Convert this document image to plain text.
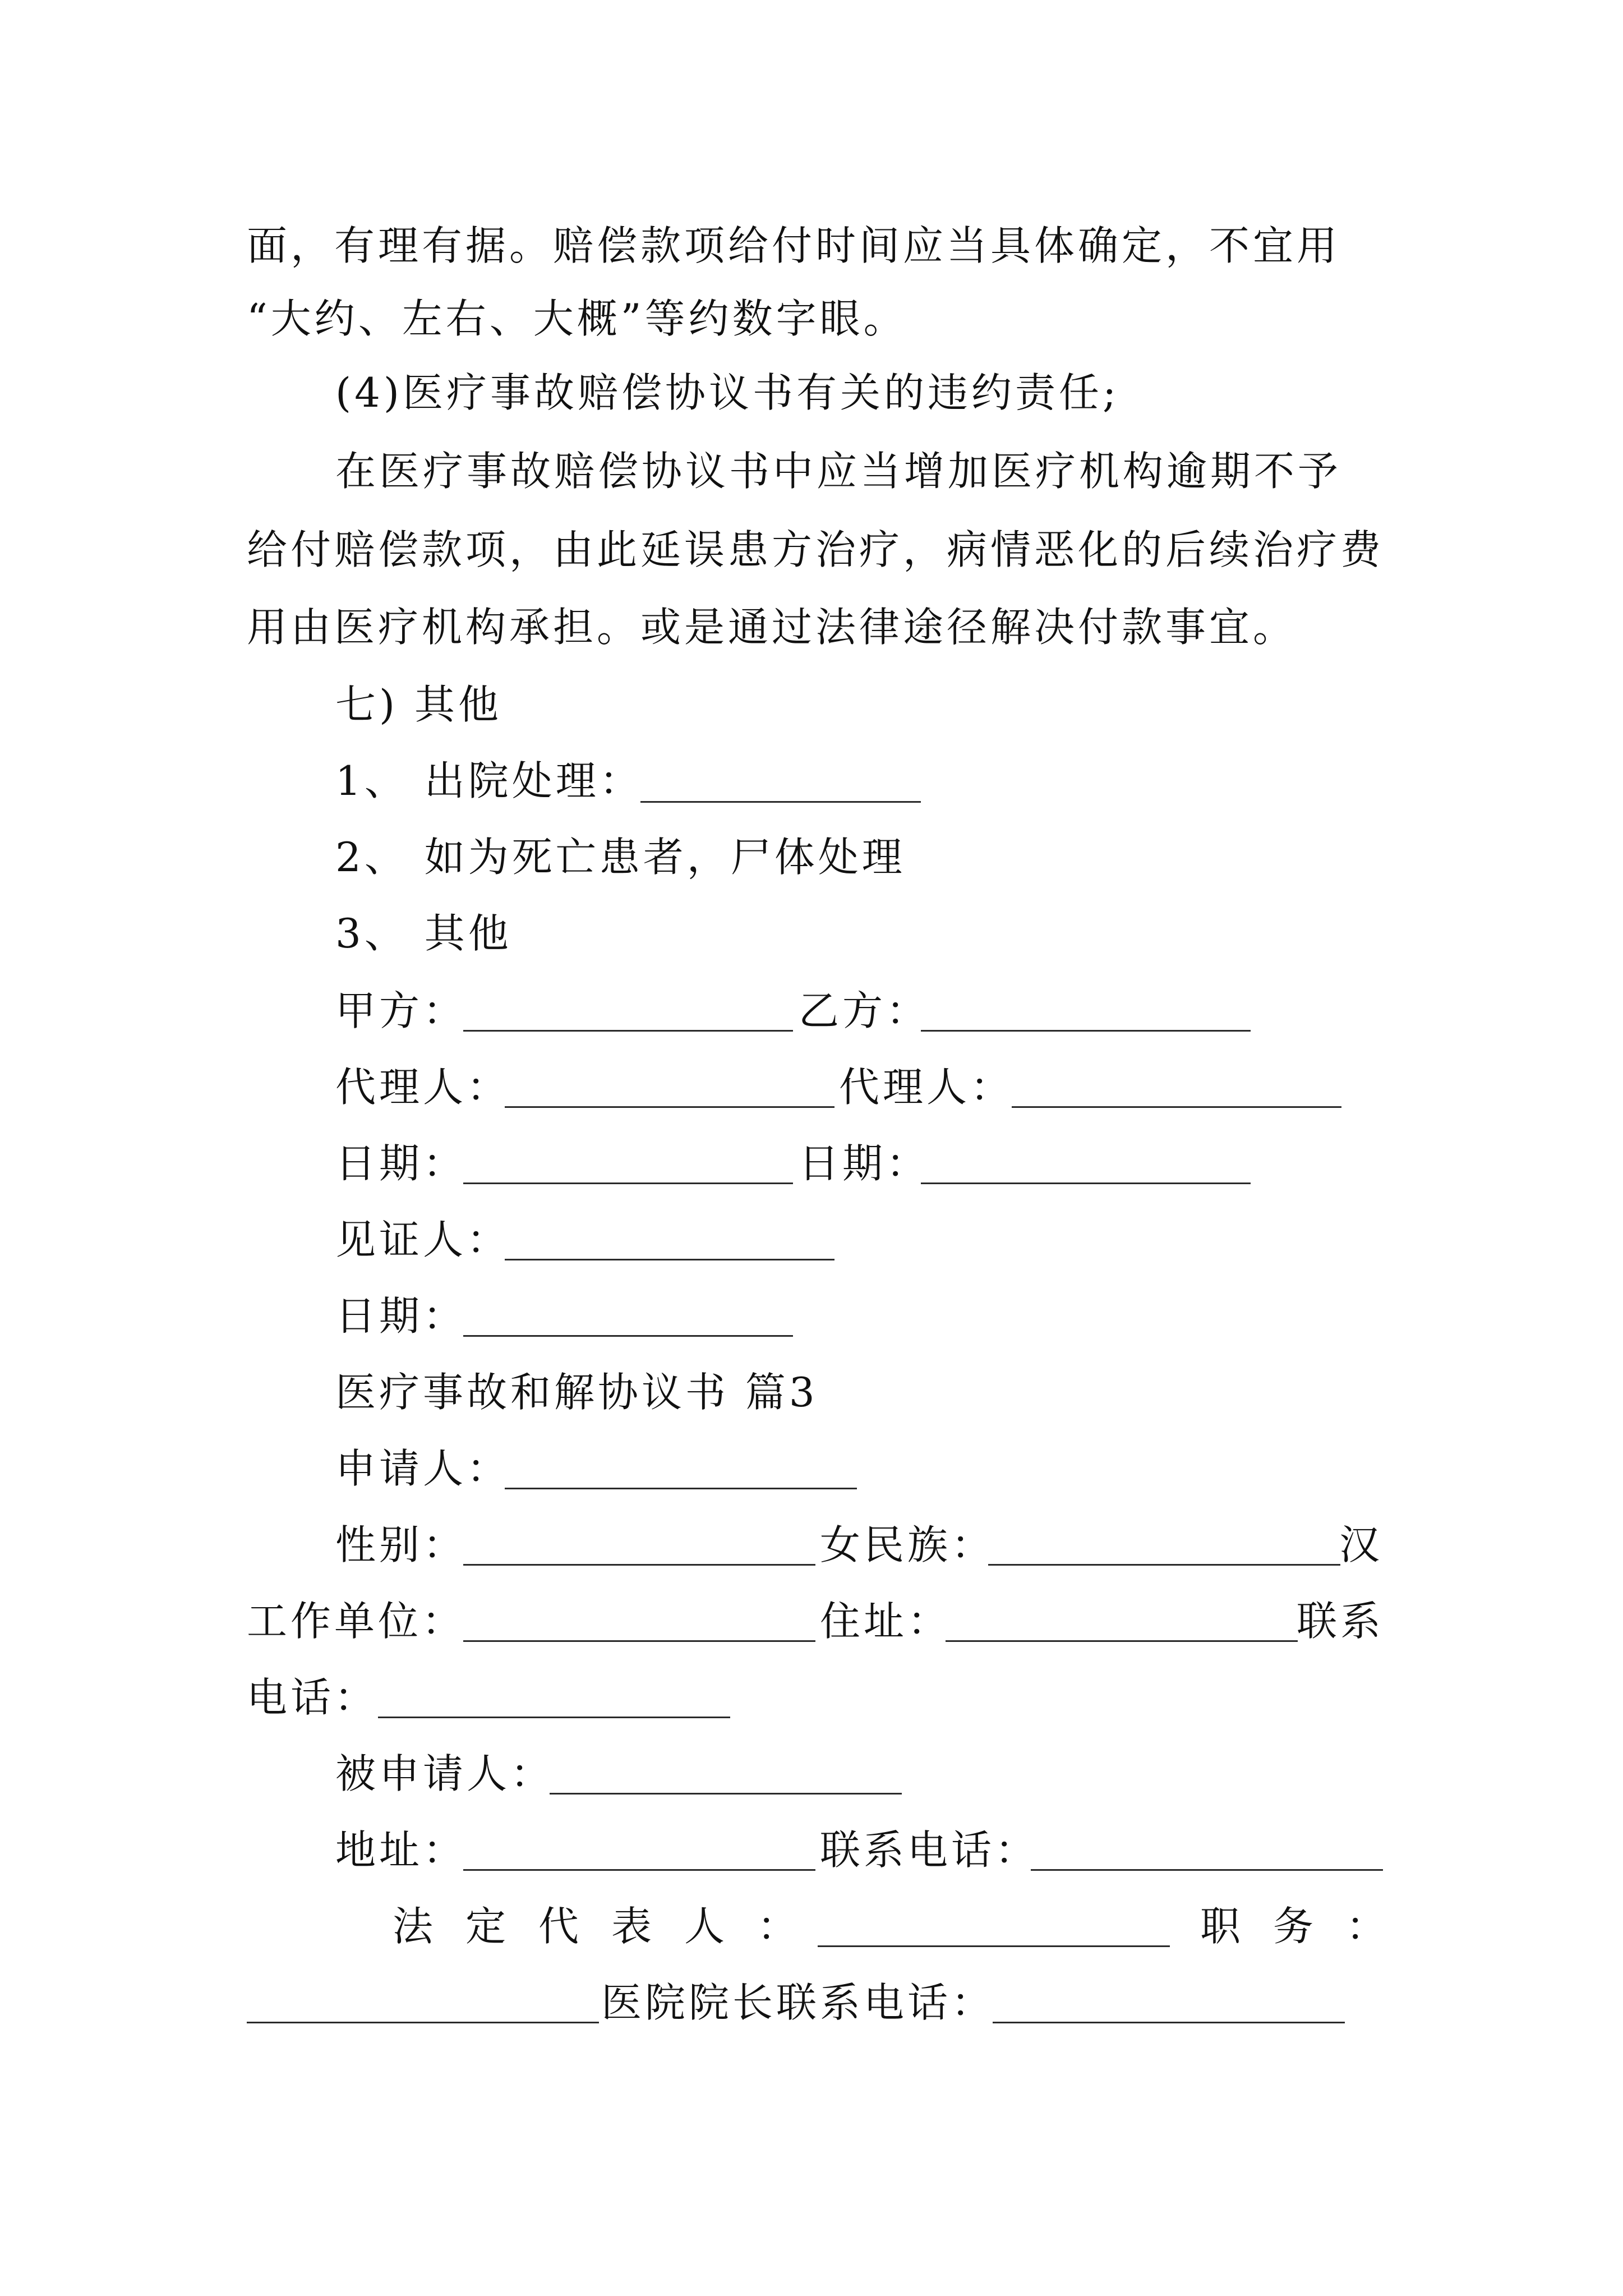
面，有理有据。赔偿款项给付时间应当具体确定，不宜用
“大约、左右、大概”等约数字眼。
(4)医疗事故赔偿协议书有关的违约责任;
在医疗事故赔偿协议书中应当增加医疗机构逾期不予
给付赔偿款项，由此延误患方治疗，病情恶化的后续治疗费
用由医疗机构承担。或是通过法律途径解决付款事宜。
七) 其他
1、 出院处理：
2、 如为死亡患者，尸体处理
3、 其他
甲方：	乙方：
代理人：	代理人：
日期：	日期：
见证人：
日期：
医疗事故和解协议书 篇3
申请人：
性别：	女民族：	汉
工作单位：	住址：	联系
电话：
被申请人：
地址：	联系电话：
法定代表人：	职务：
医院院长联系电话：
